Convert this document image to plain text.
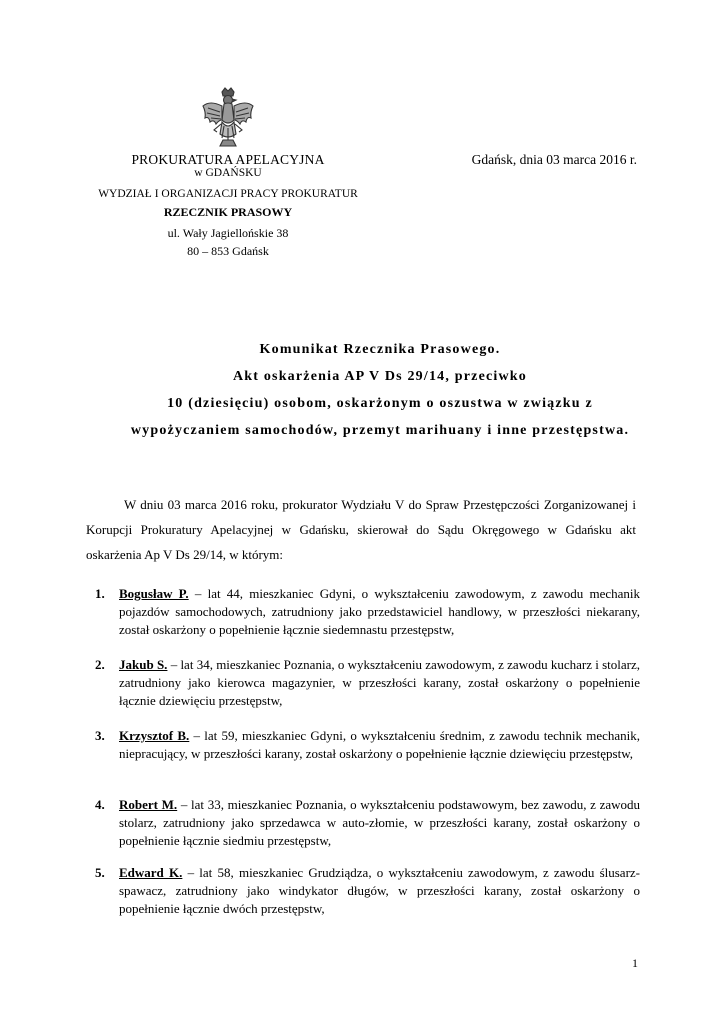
PROKURATURA APELACYJNA
w GDAŃSKU
WYDZIAŁ I ORGANIZACJI PRACY PROKURATUR
RZECZNIK PRASOWY
ul. Wały Jagiellońskie 38
80 – 853 Gdańsk
Gdańsk, dnia 03 marca 2016 r.
Komunikat Rzecznika Prasowego.
Akt oskarżenia AP V Ds 29/14, przeciwko
10 (dziesięciu) osobom, oskarżonym o oszustwa w związku z
wypożyczaniem samochodów, przemyt marihuany i inne przestępstwa.

W dniu 03 marca 2016 roku, prokurator Wydziału V do Spraw Przestępczości Zorganizowanej i Korupcji Prokuratury Apelacyjnej w Gdańsku, skierował do Sądu Okręgowego w Gdańsku akt oskarżenia Ap V Ds 29/14, w którym:

1. Bogusław P. – lat 44, mieszkaniec Gdyni, o wykształceniu zawodowym, z zawodu mechanik pojazdów samochodowych, zatrudniony jako przedstawiciel handlowy, w przeszłości niekarany, został oskarżony o popełnienie łącznie siedemnastu przestępstw,
2. Jakub S. – lat 34, mieszkaniec Poznania, o wykształceniu zawodowym, z zawodu kucharz i stolarz, zatrudniony jako kierowca magazynier, w przeszłości karany, został oskarżony o popełnienie łącznie dziewięciu przestępstw,
3. Krzysztof B. – lat 59, mieszkaniec Gdyni, o wykształceniu średnim, z zawodu technik mechanik, niepracujący, w przeszłości karany, został oskarżony o popełnienie łącznie dziewięciu przestępstw,
4. Robert M. – lat 33, mieszkaniec Poznania, o wykształceniu podstawowym, bez zawodu, z zawodu stolarz, zatrudniony jako sprzedawca w auto-złomie, w przeszłości karany, został oskarżony o popełnienie łącznie siedmiu przestępstw,
5. Edward K. – lat 58, mieszkaniec Grudziądza, o wykształceniu zawodowym, z zawodu ślusarz-spawacz, zatrudniony jako windykator długów, w przeszłości karany, został oskarżony o popełnienie łącznie dwóch przestępstw,
1
